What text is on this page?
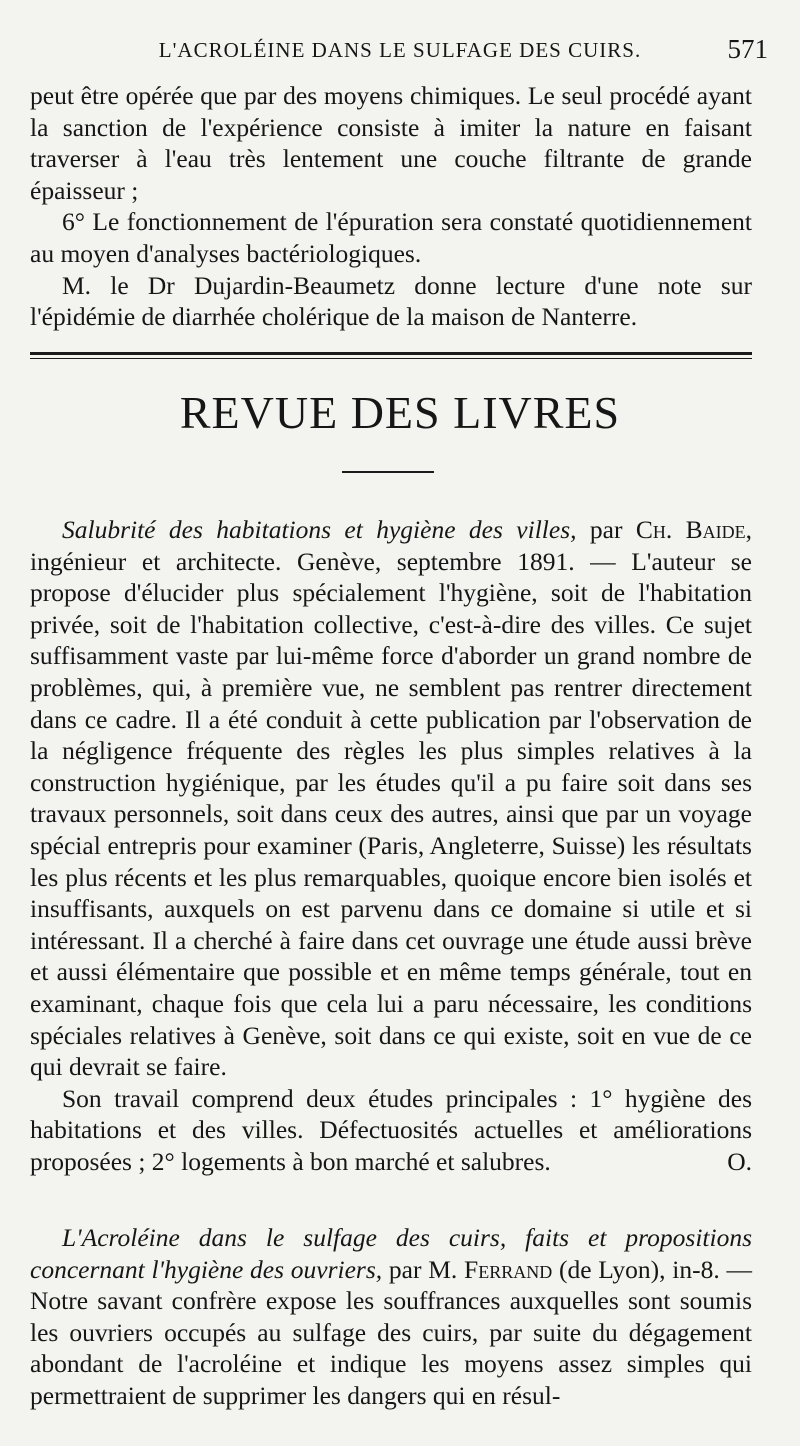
L'ACROLÉINE DANS LE SULFAGE DES CUIRS.	571

peut être opérée que par des moyens chimiques. Le seul procédé ayant la sanction de l'expérience consiste à imiter la nature en faisant traverser à l'eau très lentement une couche filtrante de grande épaisseur ;

6° Le fonctionnement de l'épuration sera constaté quotidiennement au moyen d'analyses bactériologiques.

M. le Dr Dujardin-Beaumetz donne lecture d'une note sur l'épidémie de diarrhée cholérique de la maison de Nanterre.

REVUE DES LIVRES

Salubrité des habitations et hygiène des villes, par Ch. Baide, ingénieur et architecte. Genève, septembre 1891. — L'auteur se propose d'élucider plus spécialement l'hygiène, soit de l'habitation privée, soit de l'habitation collective, c'est-à-dire des villes. Ce sujet suffisamment vaste par lui-même force d'aborder un grand nombre de problèmes, qui, à première vue, ne semblent pas rentrer directement dans ce cadre. Il a été conduit à cette publication par l'observation de la négligence fréquente des règles les plus simples relatives à la construction hygiénique, par les études qu'il a pu faire soit dans ses travaux personnels, soit dans ceux des autres, ainsi que par un voyage spécial entrepris pour examiner (Paris, Angleterre, Suisse) les résultats les plus récents et les plus remarquables, quoique encore bien isolés et insuffisants, auxquels on est parvenu dans ce domaine si utile et si intéressant. Il a cherché à faire dans cet ouvrage une étude aussi brève et aussi élémentaire que possible et en même temps générale, tout en examinant, chaque fois que cela lui a paru nécessaire, les conditions spéciales relatives à Genève, soit dans ce qui existe, soit en vue de ce qui devrait se faire.

Son travail comprend deux études principales : 1° hygiène des habitations et des villes. Défectuosités actuelles et améliorations proposées ; 2° logements à bon marché et salubres.	O.

L'Acroléine dans le sulfage des cuirs, faits et propositions concernant l'hygiène des ouvriers, par M. Ferrand (de Lyon), in-8. — Notre savant confrère expose les souffrances auxquelles sont soumis les ouvriers occupés au sulfage des cuirs, par suite du dégagement abondant de l'acroléine et indique les moyens assez simples qui permettraient de supprimer les dangers qui en résul-
